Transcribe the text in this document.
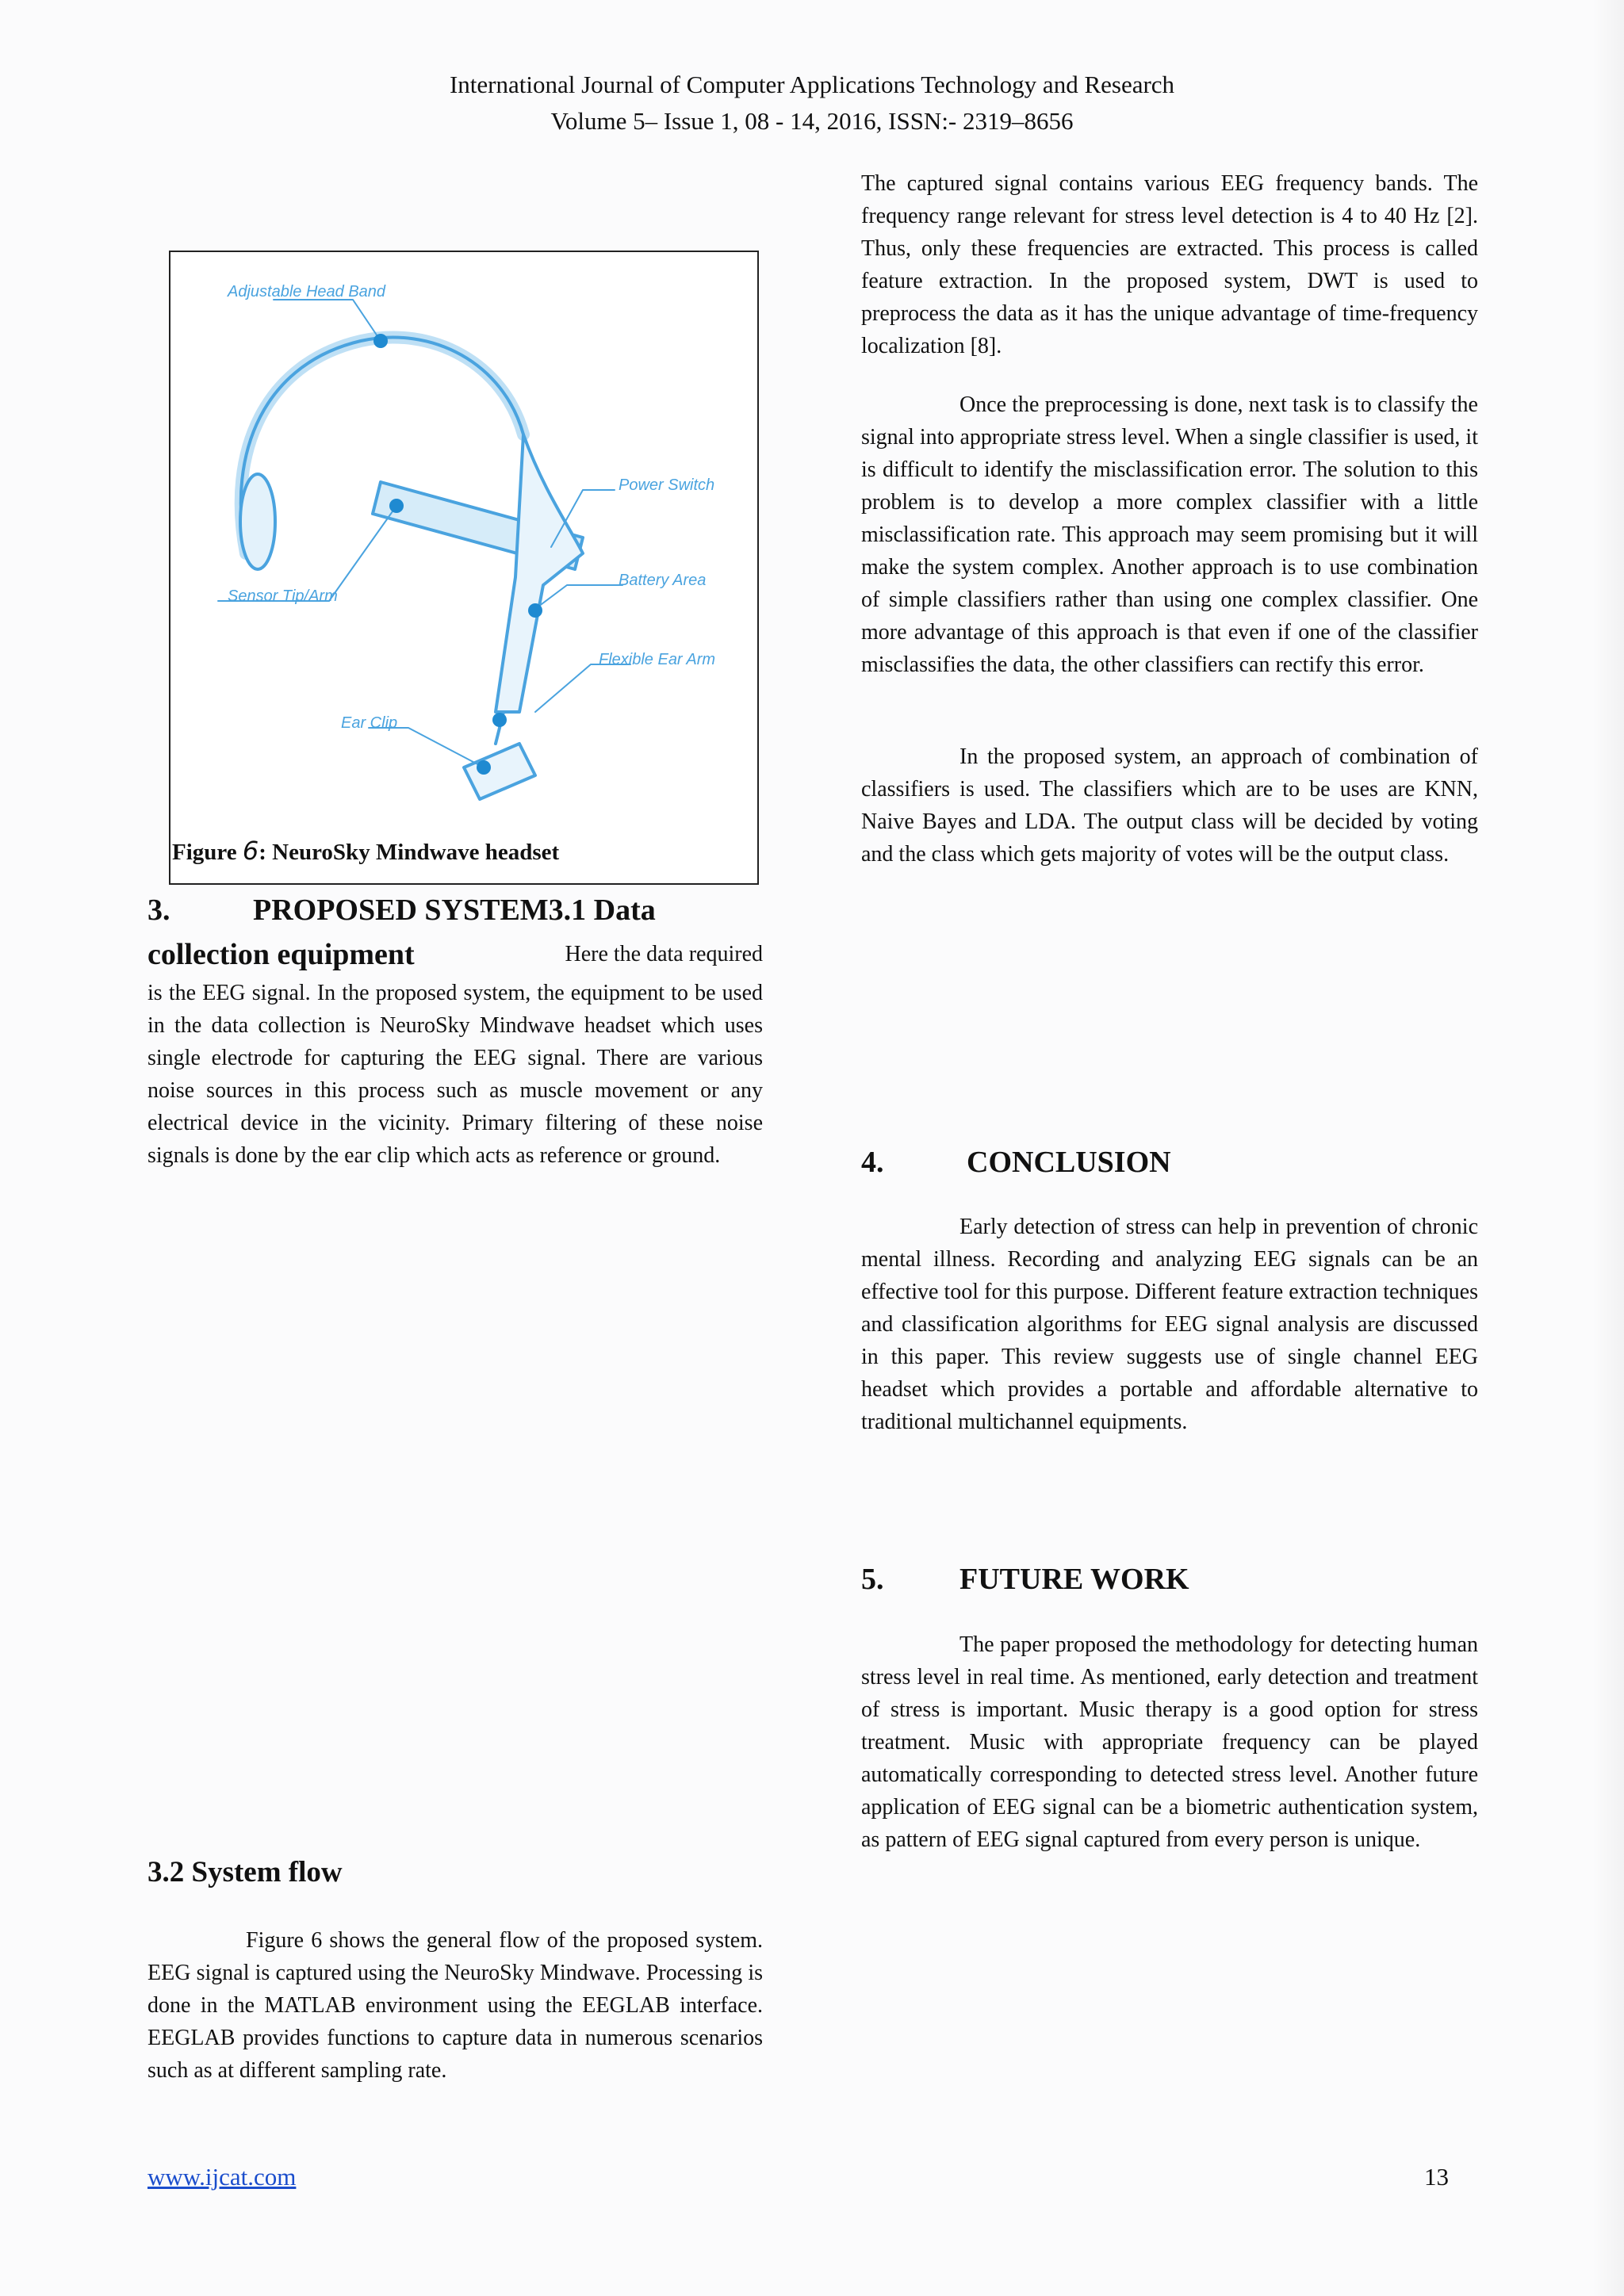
International Journal of Computer Applications Technology and Research
Volume 5– Issue 1, 08 - 14, 2016, ISSN:- 2319–8656
Adjustable Head Band
Power Switch
Sensor Tip/Arm
Battery Area
Flexible Ear Arm
Ear Clip
Figure 6: NeuroSky Mindwave headset
3.	PROPOSED SYSTEM3.1 Data
collection equipment	Here the data required

is the EEG signal. In the proposed system, the equipment to be used in the data collection is NeuroSky Mindwave headset which uses single electrode for capturing the EEG signal. There are various noise sources in this process such as muscle movement or any electrical device in the vicinity. Primary filtering of these noise signals is done by the ear clip which acts as reference or ground.

3.2 System flow

Figure 6 shows the general flow of the proposed system. EEG signal is captured using the NeuroSky Mindwave. Processing is done in the MATLAB environment using the EEGLAB interface. EEGLAB provides functions to capture data in numerous scenarios such as at different sampling rate.

The captured signal contains various EEG frequency bands. The frequency range relevant for stress level detection is 4 to 40 Hz [2]. Thus, only these frequencies are extracted. This process is called feature extraction. In the proposed system, DWT is used to preprocess the data as it has the unique advantage of time-frequency localization [8].

Once the preprocessing is done, next task is to classify the signal into appropriate stress level. When a single classifier is used, it is difficult to identify the misclassification error. The solution to this problem is to develop a more complex classifier with a little misclassification rate. This approach may seem promising but it will make the system complex. Another approach is to use combination of simple classifiers rather than using one complex classifier. One more advantage of this approach is that even if one of the classifier misclassifies the data, the other classifiers can rectify this error.

In the proposed system, an approach of combination of classifiers is used. The classifiers which are to be uses are KNN, Naive Bayes and LDA. The output class will be decided by voting and the class which gets majority of votes will be the output class.

4.	CONCLUSION

Early detection of stress can help in prevention of chronic mental illness. Recording and analyzing EEG signals can be an effective tool for this purpose. Different feature extraction techniques and classification algorithms for EEG signal analysis are discussed in this paper. This review suggests use of single channel EEG headset which provides a portable and affordable alternative to traditional multichannel equipments.

5.	FUTURE WORK

The paper proposed the methodology for detecting human stress level in real time. As mentioned, early detection and treatment of stress is important. Music therapy is a good option for stress treatment. Music with appropriate frequency can be played automatically corresponding to detected stress level. Another future application of EEG signal can be a biometric authentication system, as pattern of EEG signal captured from every person is unique.

www.ijcat.com	13
